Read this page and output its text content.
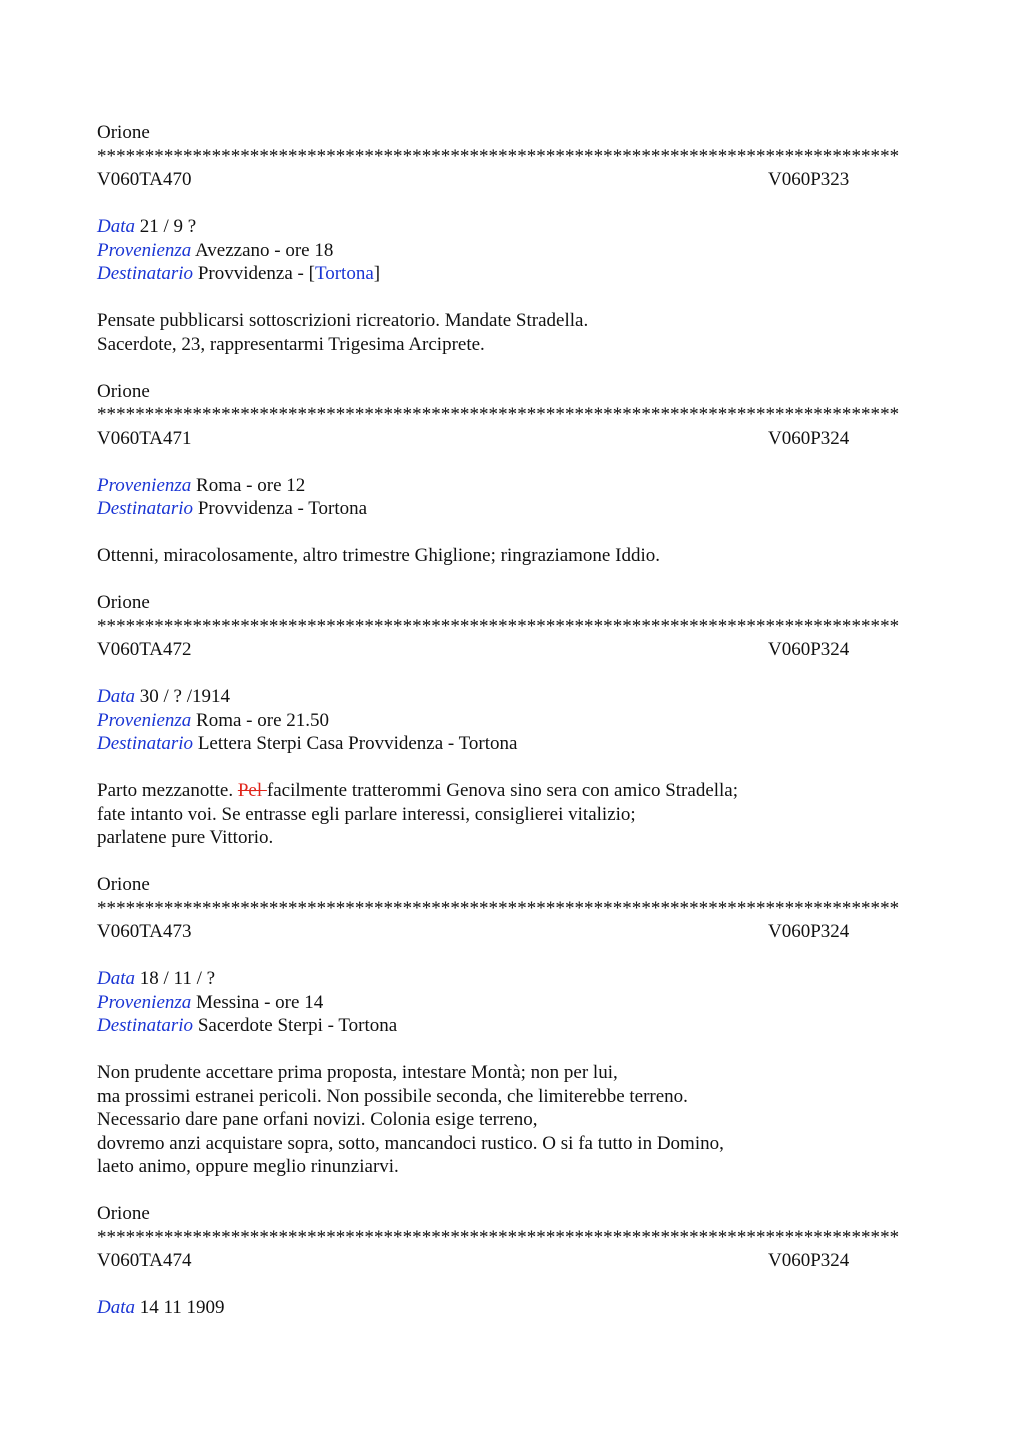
Orione
************************************************************************************
V060TA470	V060P323
Data 21 / 9 ?
Provenienza Avezzano - ore 18
Destinatario Provvidenza - [Tortona]
Pensate pubblicarsi sottoscrizioni ricreatorio. Mandate Stradella.
Sacerdote, 23, rappresentarmi Trigesima Arciprete.
Orione
************************************************************************************
V060TA471	V060P324
Provenienza Roma - ore 12
Destinatario Provvidenza - Tortona
Ottenni, miracolosamente, altro trimestre Ghiglione; ringraziamone Iddio.
Orione
************************************************************************************
V060TA472	V060P324
Data 30 / ? /1914
Provenienza Roma - ore 21.50
Destinatario Lettera Sterpi Casa Provvidenza - Tortona
Parto mezzanotte. Pel facilmente tratterommi Genova sino sera con amico Stradella;
fate intanto voi. Se entrasse egli parlare interessi, consiglierei vitalizio;
parlatene pure Vittorio.
Orione
************************************************************************************
V060TA473	V060P324
Data 18 / 11 / ?
Provenienza Messina - ore 14
Destinatario Sacerdote Sterpi - Tortona
Non prudente accettare prima proposta, intestare Montà; non per lui,
ma prossimi estranei pericoli. Non possibile seconda, che limiterebbe terreno.
Necessario dare pane orfani novizi. Colonia esige terreno,
dovremo anzi acquistare sopra, sotto, mancandoci rustico. O si fa tutto in Domino,
laeto animo, oppure meglio rinunziarvi.
Orione
************************************************************************************
V060TA474	V060P324
Data 14 11 1909
